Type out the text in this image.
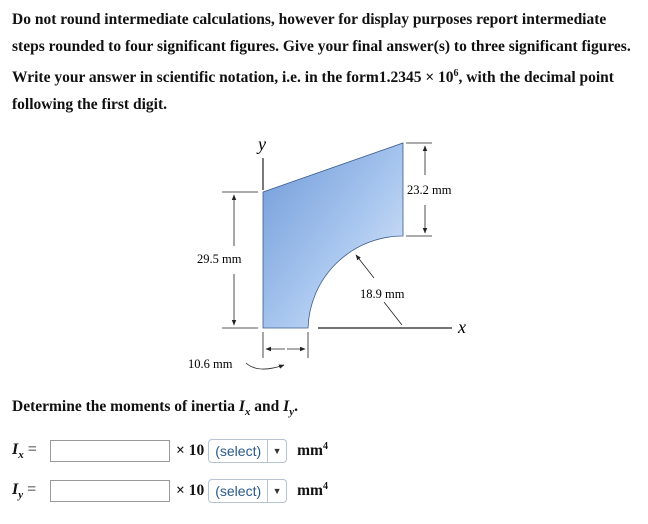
Do not round intermediate calculations, however for display purposes report intermediate steps rounded to four significant figures. Give your final answer(s) to three significant figures. Write your answer in scientific notation, i.e. in the form1.2345 × $10^6$, with the decimal point following the first digit.
y
x
23.2 mm
29.5 mm
18.9 mm
10.6 mm
Determine the moments of inertia $I_x$ and $I_y$.
$I_x$ =	× 10 (select)	▼ $mm^4$
$I_y$ =	× 10 (select)	▼ $mm^4$
